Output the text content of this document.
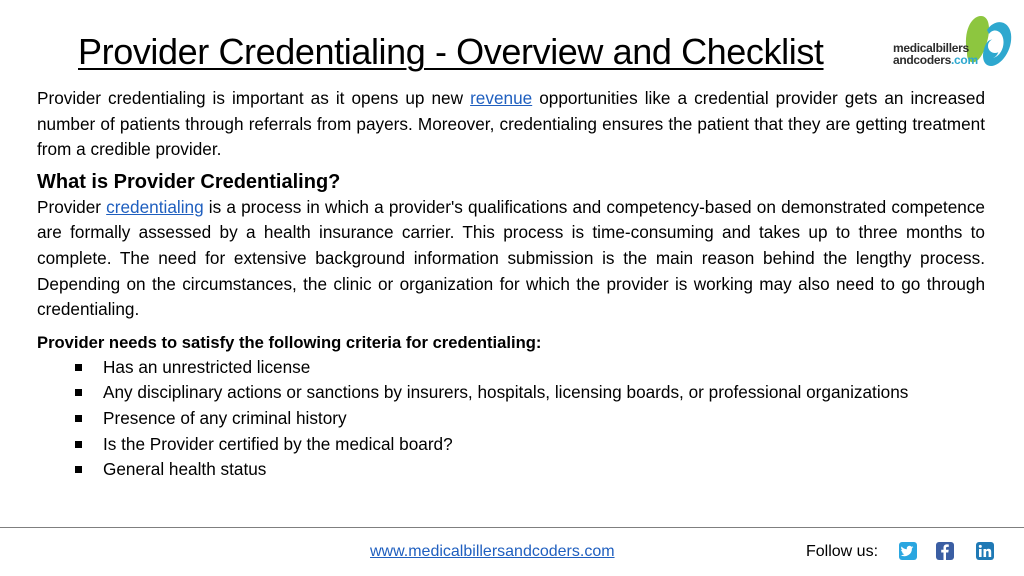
Provider Credentialing - Overview and Checklist	medicalbillers
andcoders.com

Provider credentialing is important as it opens up new revenue opportunities like a credential provider gets an increased number of patients through referrals from payers. Moreover, credentialing ensures the patient that they are getting treatment from a credible provider.

What is Provider Credentialing?

Provider credentialing is a process in which a provider's qualifications and competency-based on demonstrated competence are formally assessed by a health insurance carrier. This process is time-consuming and takes up to three months to complete. The need for extensive background information submission is the main reason behind the lengthy process. Depending on the circumstances, the clinic or organization for which the provider is working may also need to go through credentialing.

Provider needs to satisfy the following criteria for credentialing:
Has an unrestricted license
Any disciplinary actions or sanctions by insurers, hospitals, licensing boards, or professional organizations
Presence of any criminal history
Is the Provider certified by the medical board?
General health status
www.medicalbillersandcoders.com	Follow us:
